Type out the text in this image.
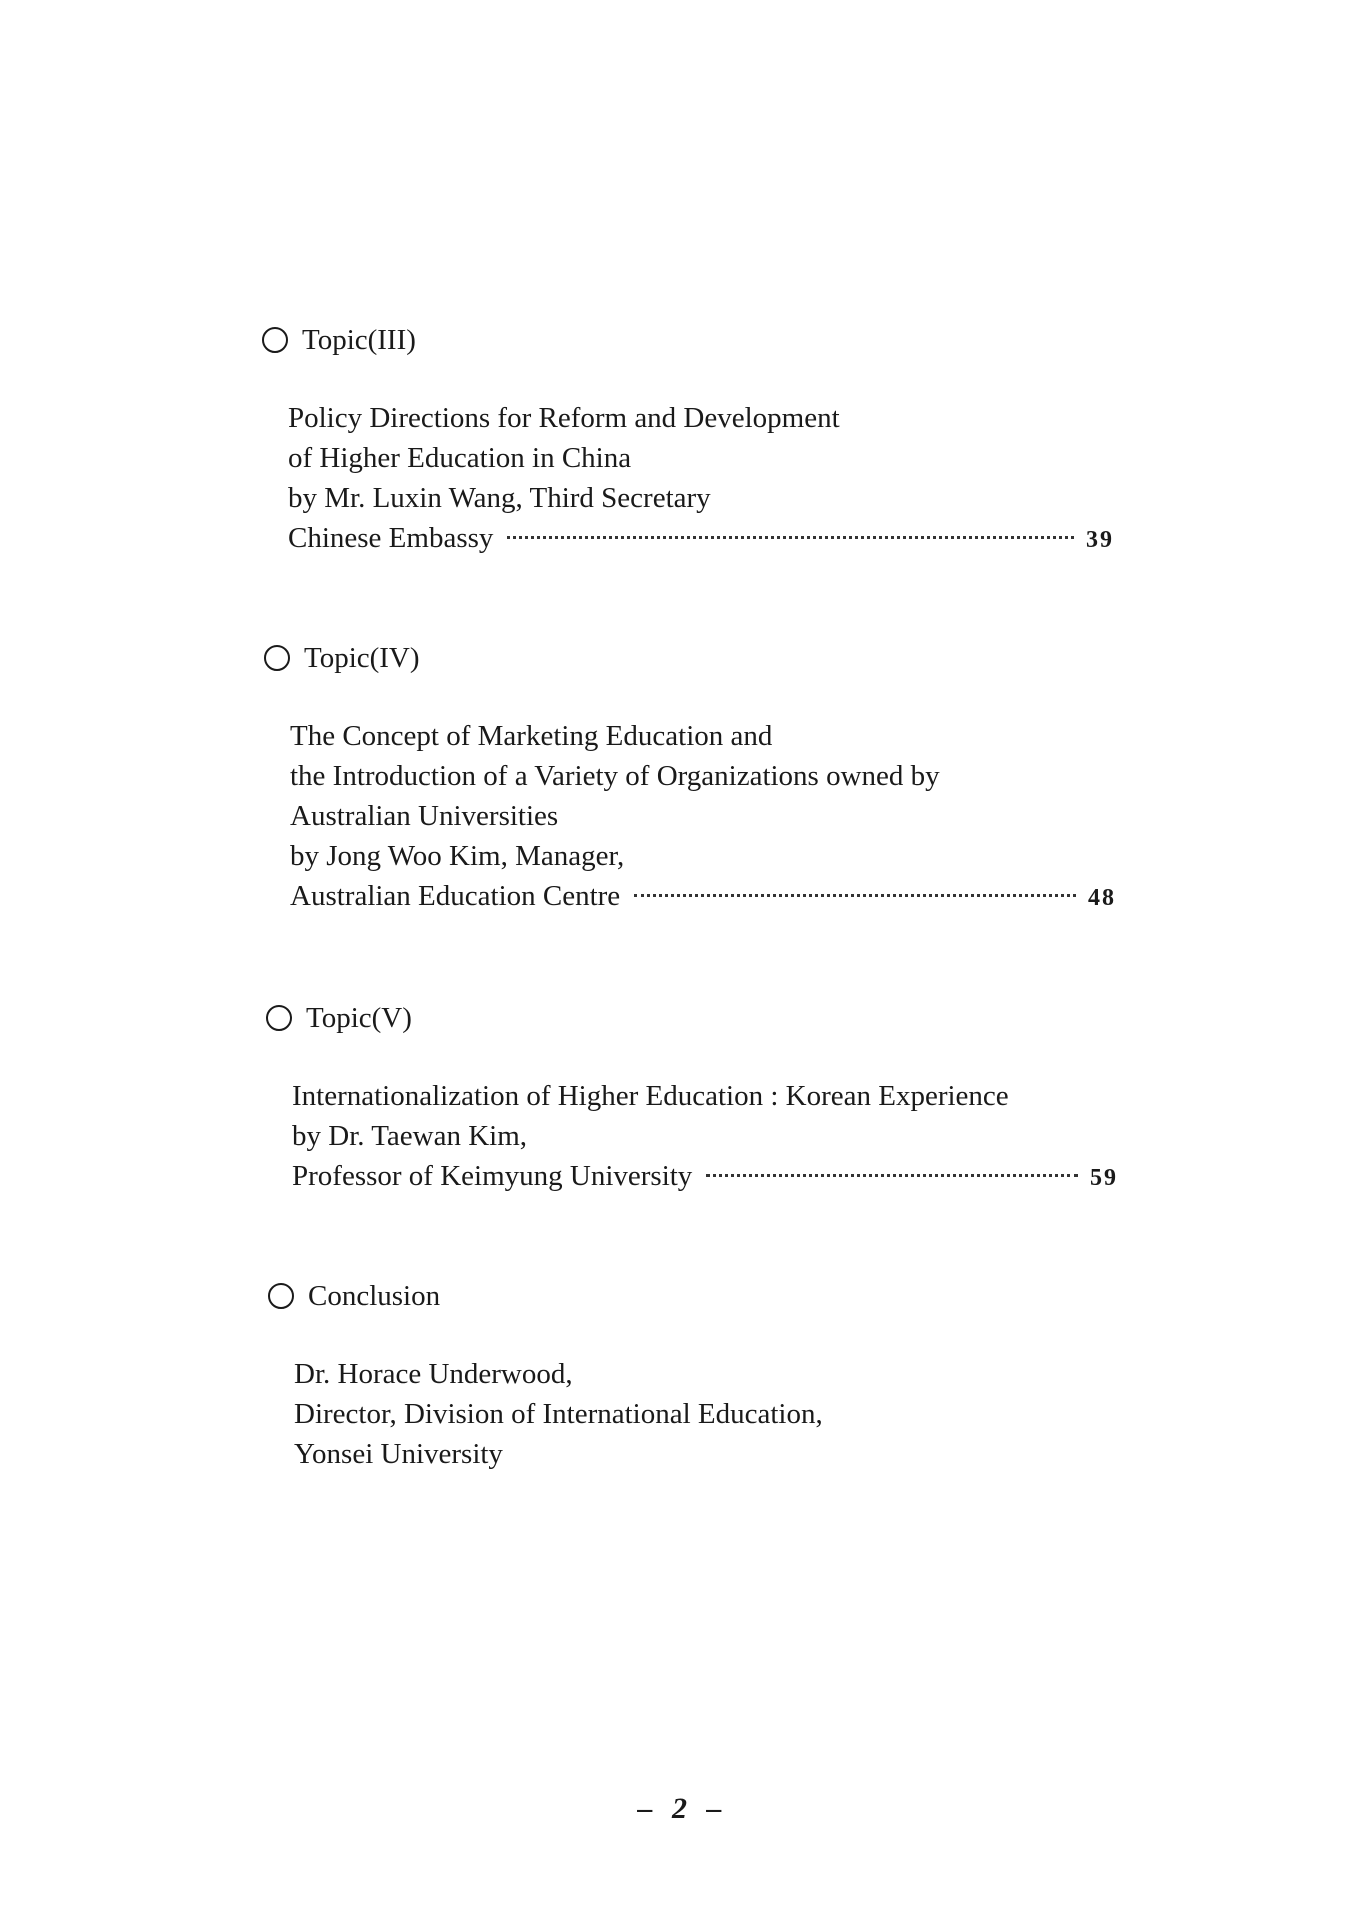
Topic(III)
Policy Directions for Reform and Development
of Higher Education in China
by Mr. Luxin Wang, Third Secretary
Chinese Embassy	39
Topic(IV)
The Concept of Marketing Education and
the Introduction of a Variety of Organizations owned by
Australian Universities
by Jong Woo Kim, Manager,
Australian Education Centre	48
Topic(V)
Internationalization of Higher Education : Korean Experience
by Dr. Taewan Kim,
Professor of Keimyung University	59
Conclusion
Dr. Horace Underwood,
Director, Division of International Education,
Yonsei University
– 2 –
